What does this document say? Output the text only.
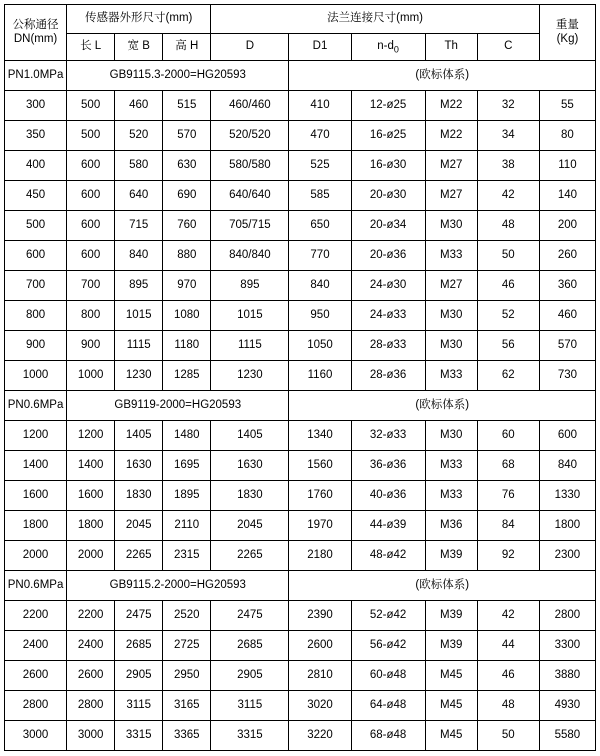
公称通径
DN(mm)	传感器外形尺寸(mm)			法兰连接尺寸(mm)					重量
(Kg)

	长 L	宽 B	高 H	D	D1	$n-d_0$	Th	C	
PN1.0MPa	GB9115.3-2000=HG20593				(欧标体系)				
300	500	460	515	460/460	410	12-ø25	M22	32	55
350	500	520	570	520/520	470	16-ø25	M22	34	80
400	600	580	630	580/580	525	16-ø30	M27	38	110
450	600	640	690	640/640	585	20-ø30	M27	42	140
500	600	715	760	705/715	650	20-ø34	M30	48	200
600	600	840	880	840/840	770	20-ø36	M33	50	260
700	700	895	970	895	840	24-ø30	M27	46	360
800	800	1015	1080	1015	950	24-ø33	M30	52	460
900	900	1115	1180	1115	1050	28-ø33	M30	56	570
1000	1000	1230	1285	1230	1160	28-ø36	M33	62	730
PN0.6MPa	GB9119-2000=HG20593				(欧标体系)				
1200	1200	1405	1480	1405	1340	32-ø33	M30	60	600
1400	1400	1630	1695	1630	1560	36-ø36	M33	68	840
1600	1600	1830	1895	1830	1760	40-ø36	M33	76	1330
1800	1800	2045	2110	2045	1970	44-ø39	M36	84	1800
2000	2000	2265	2315	2265	2180	48-ø42	M39	92	2300
PN0.6MPa	GB9115.2-2000=HG20593				(欧标体系)				
2200	2200	2475	2520	2475	2390	52-ø42	M39	42	2800
2400	2400	2685	2725	2685	2600	56-ø42	M39	44	3300
2600	2600	2905	2950	2905	2810	60-ø48	M45	46	3880
2800	2800	3115	3165	3115	3020	64-ø48	M45	48	4930
3000	3000	3315	3365	3315	3220	68-ø48	M45	50	5580
